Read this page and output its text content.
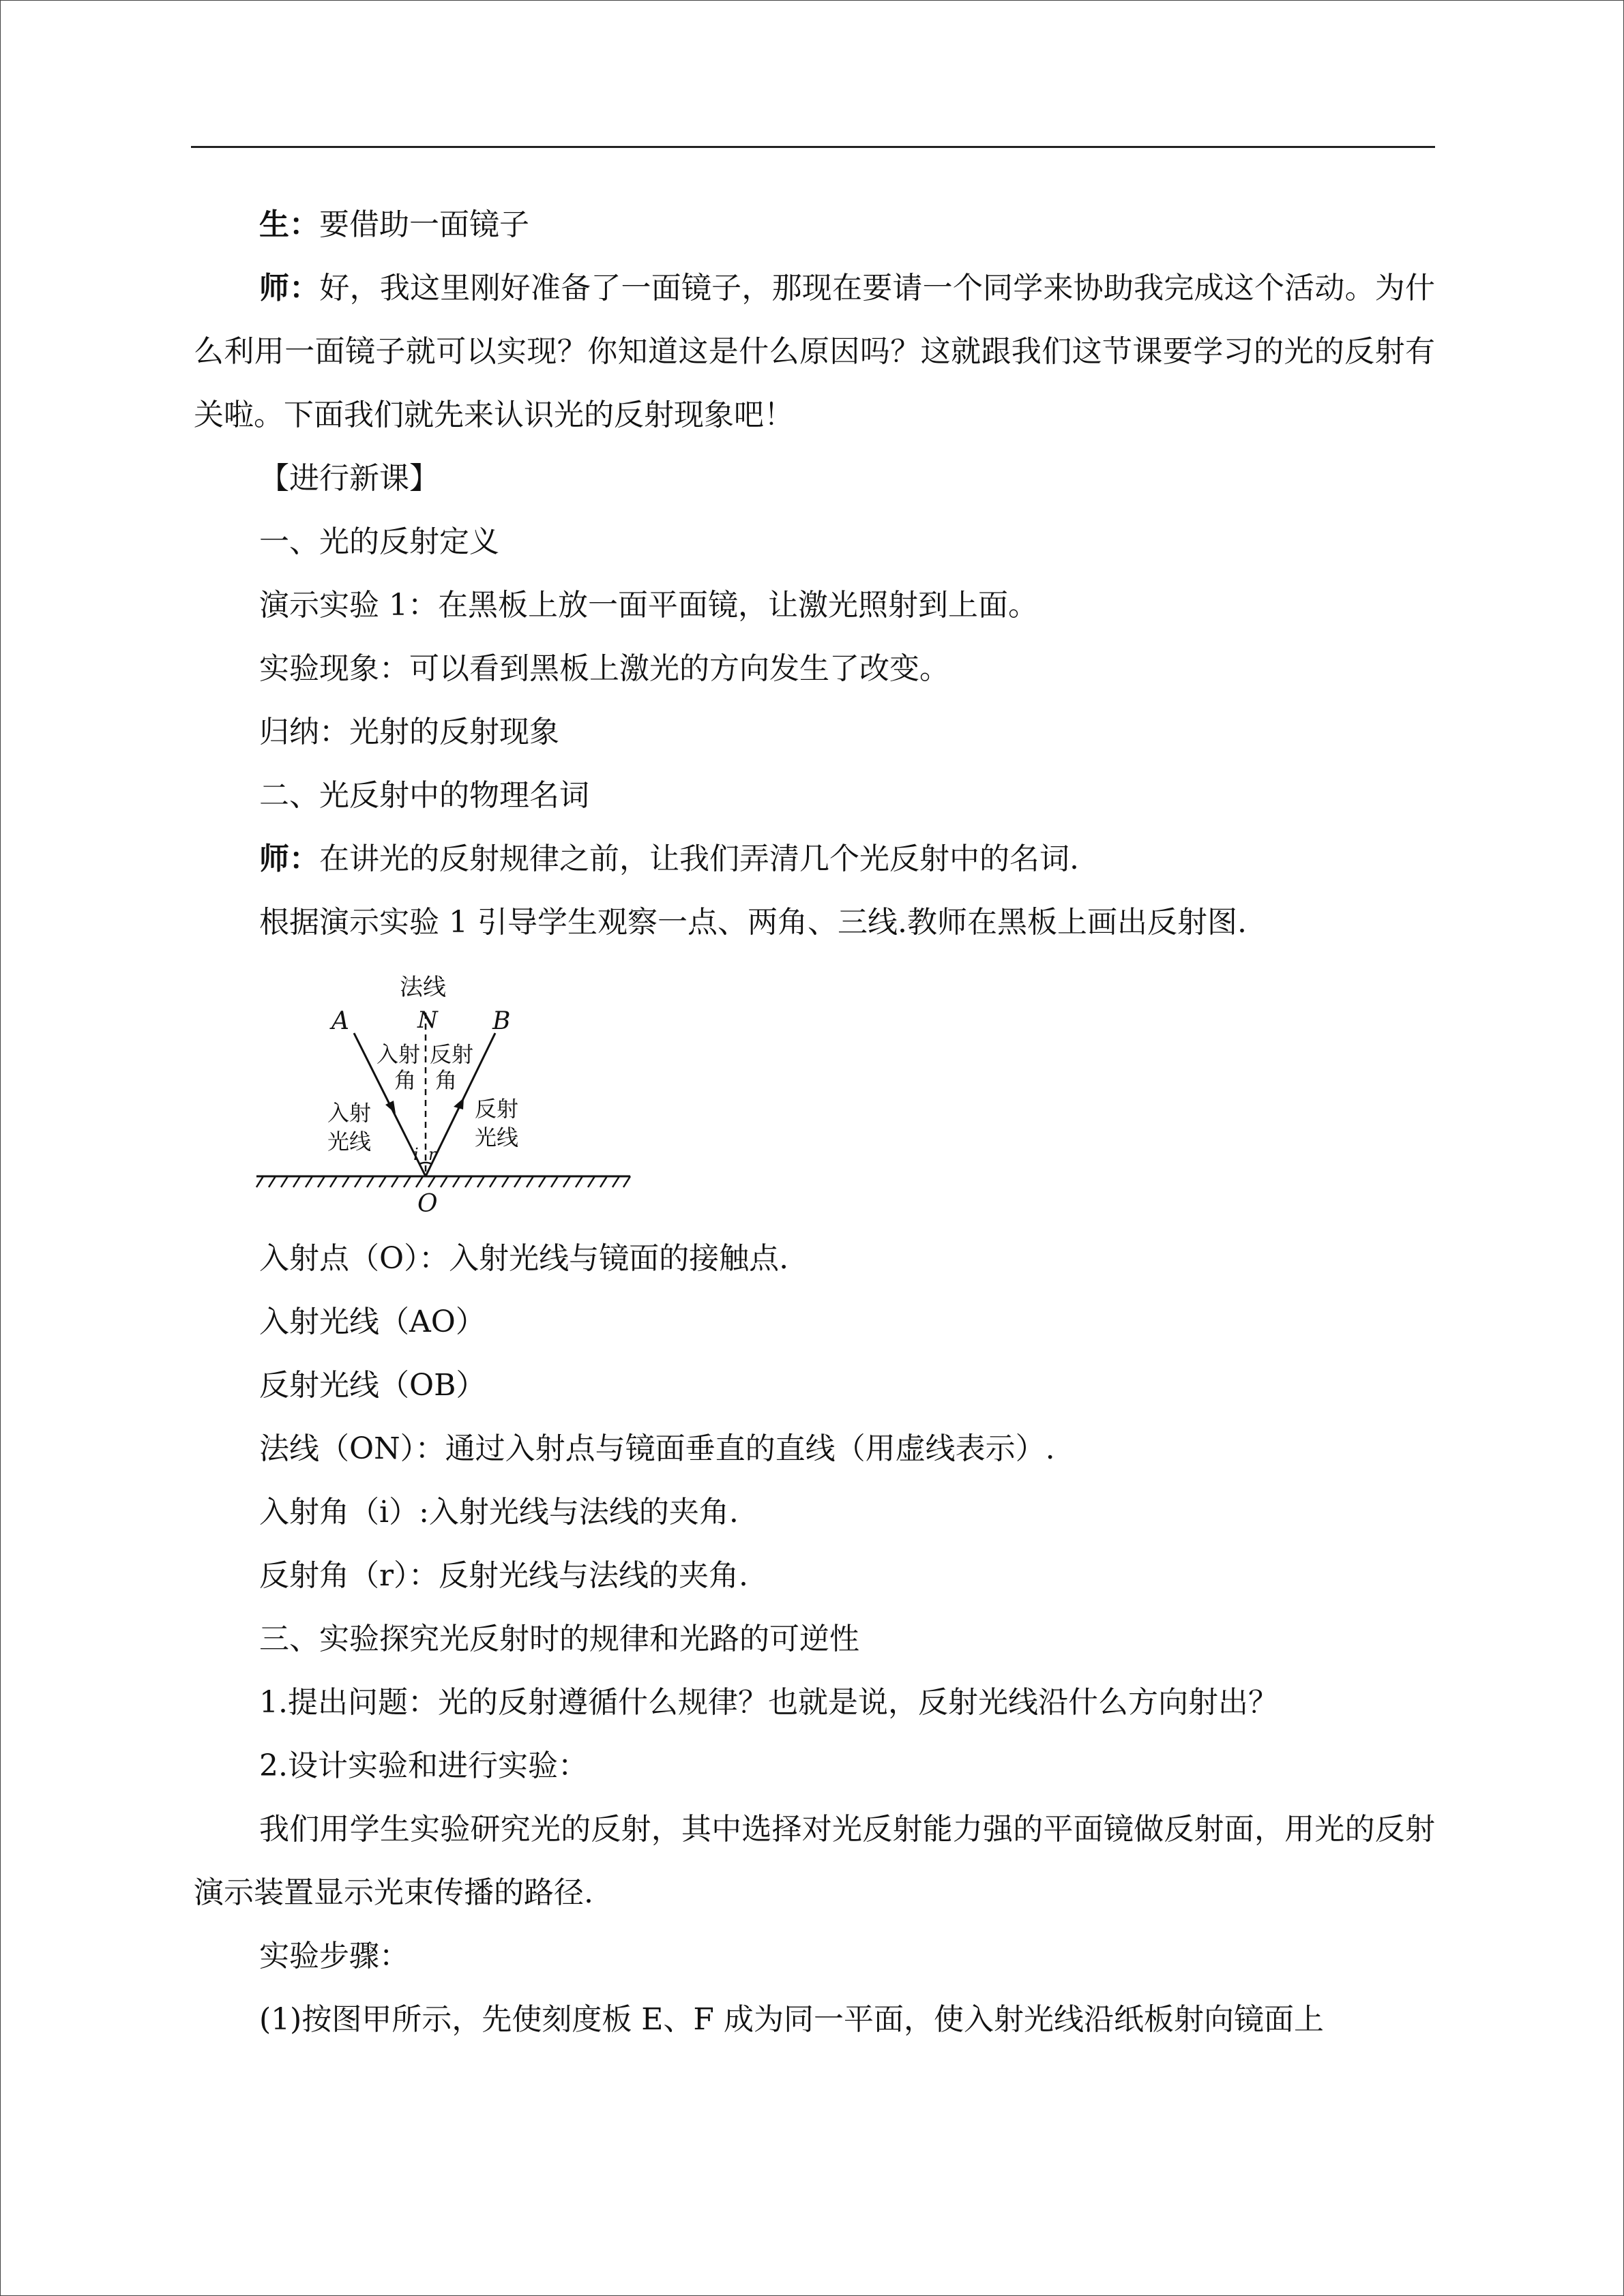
生：要借助一面镜子

师：好，我这里刚好准备了一面镜子，那现在要请一个同学来协助我完成这个活动。为什么利用一面镜子就可以实现？你知道这是什么原因吗？这就跟我们这节课要学习的光的反射有关啦。下面我们就先来认识光的反射现象吧！

【进行新课】

一、光的反射定义

演示实验 1：在黑板上放一面平面镜，让激光照射到上面。

实验现象：可以看到黑板上激光的方向发生了改变。

归纳：光射的反射现象

二、光反射中的物理名词

师：在讲光的反射规律之前，让我们弄清几个光反射中的名词.

根据演示实验 1 引导学生观察一点、两角、三线.教师在黑板上画出反射图.

法线
N
A	B
O
入射
角
反射
角
入射
光线
反射
光线
i r

入射点（O）：入射光线与镜面的接触点.

入射光线（AO）

反射光线（OB）

法线（ON）：通过入射点与镜面垂直的直线（用虚线表示）.

入射角（i）:入射光线与法线的夹角.

反射角（r）：反射光线与法线的夹角.

三、实验探究光反射时的规律和光路的可逆性

1.提出问题：光的反射遵循什么规律？也就是说，反射光线沿什么方向射出？

2.设计实验和进行实验：

我们用学生实验研究光的反射，其中选择对光反射能力强的平面镜做反射面，用光的反射演示装置显示光束传播的路径.

实验步骤：

(1)按图甲所示，先使刻度板 E、F 成为同一平面，使入射光线沿纸板射向镜面上
